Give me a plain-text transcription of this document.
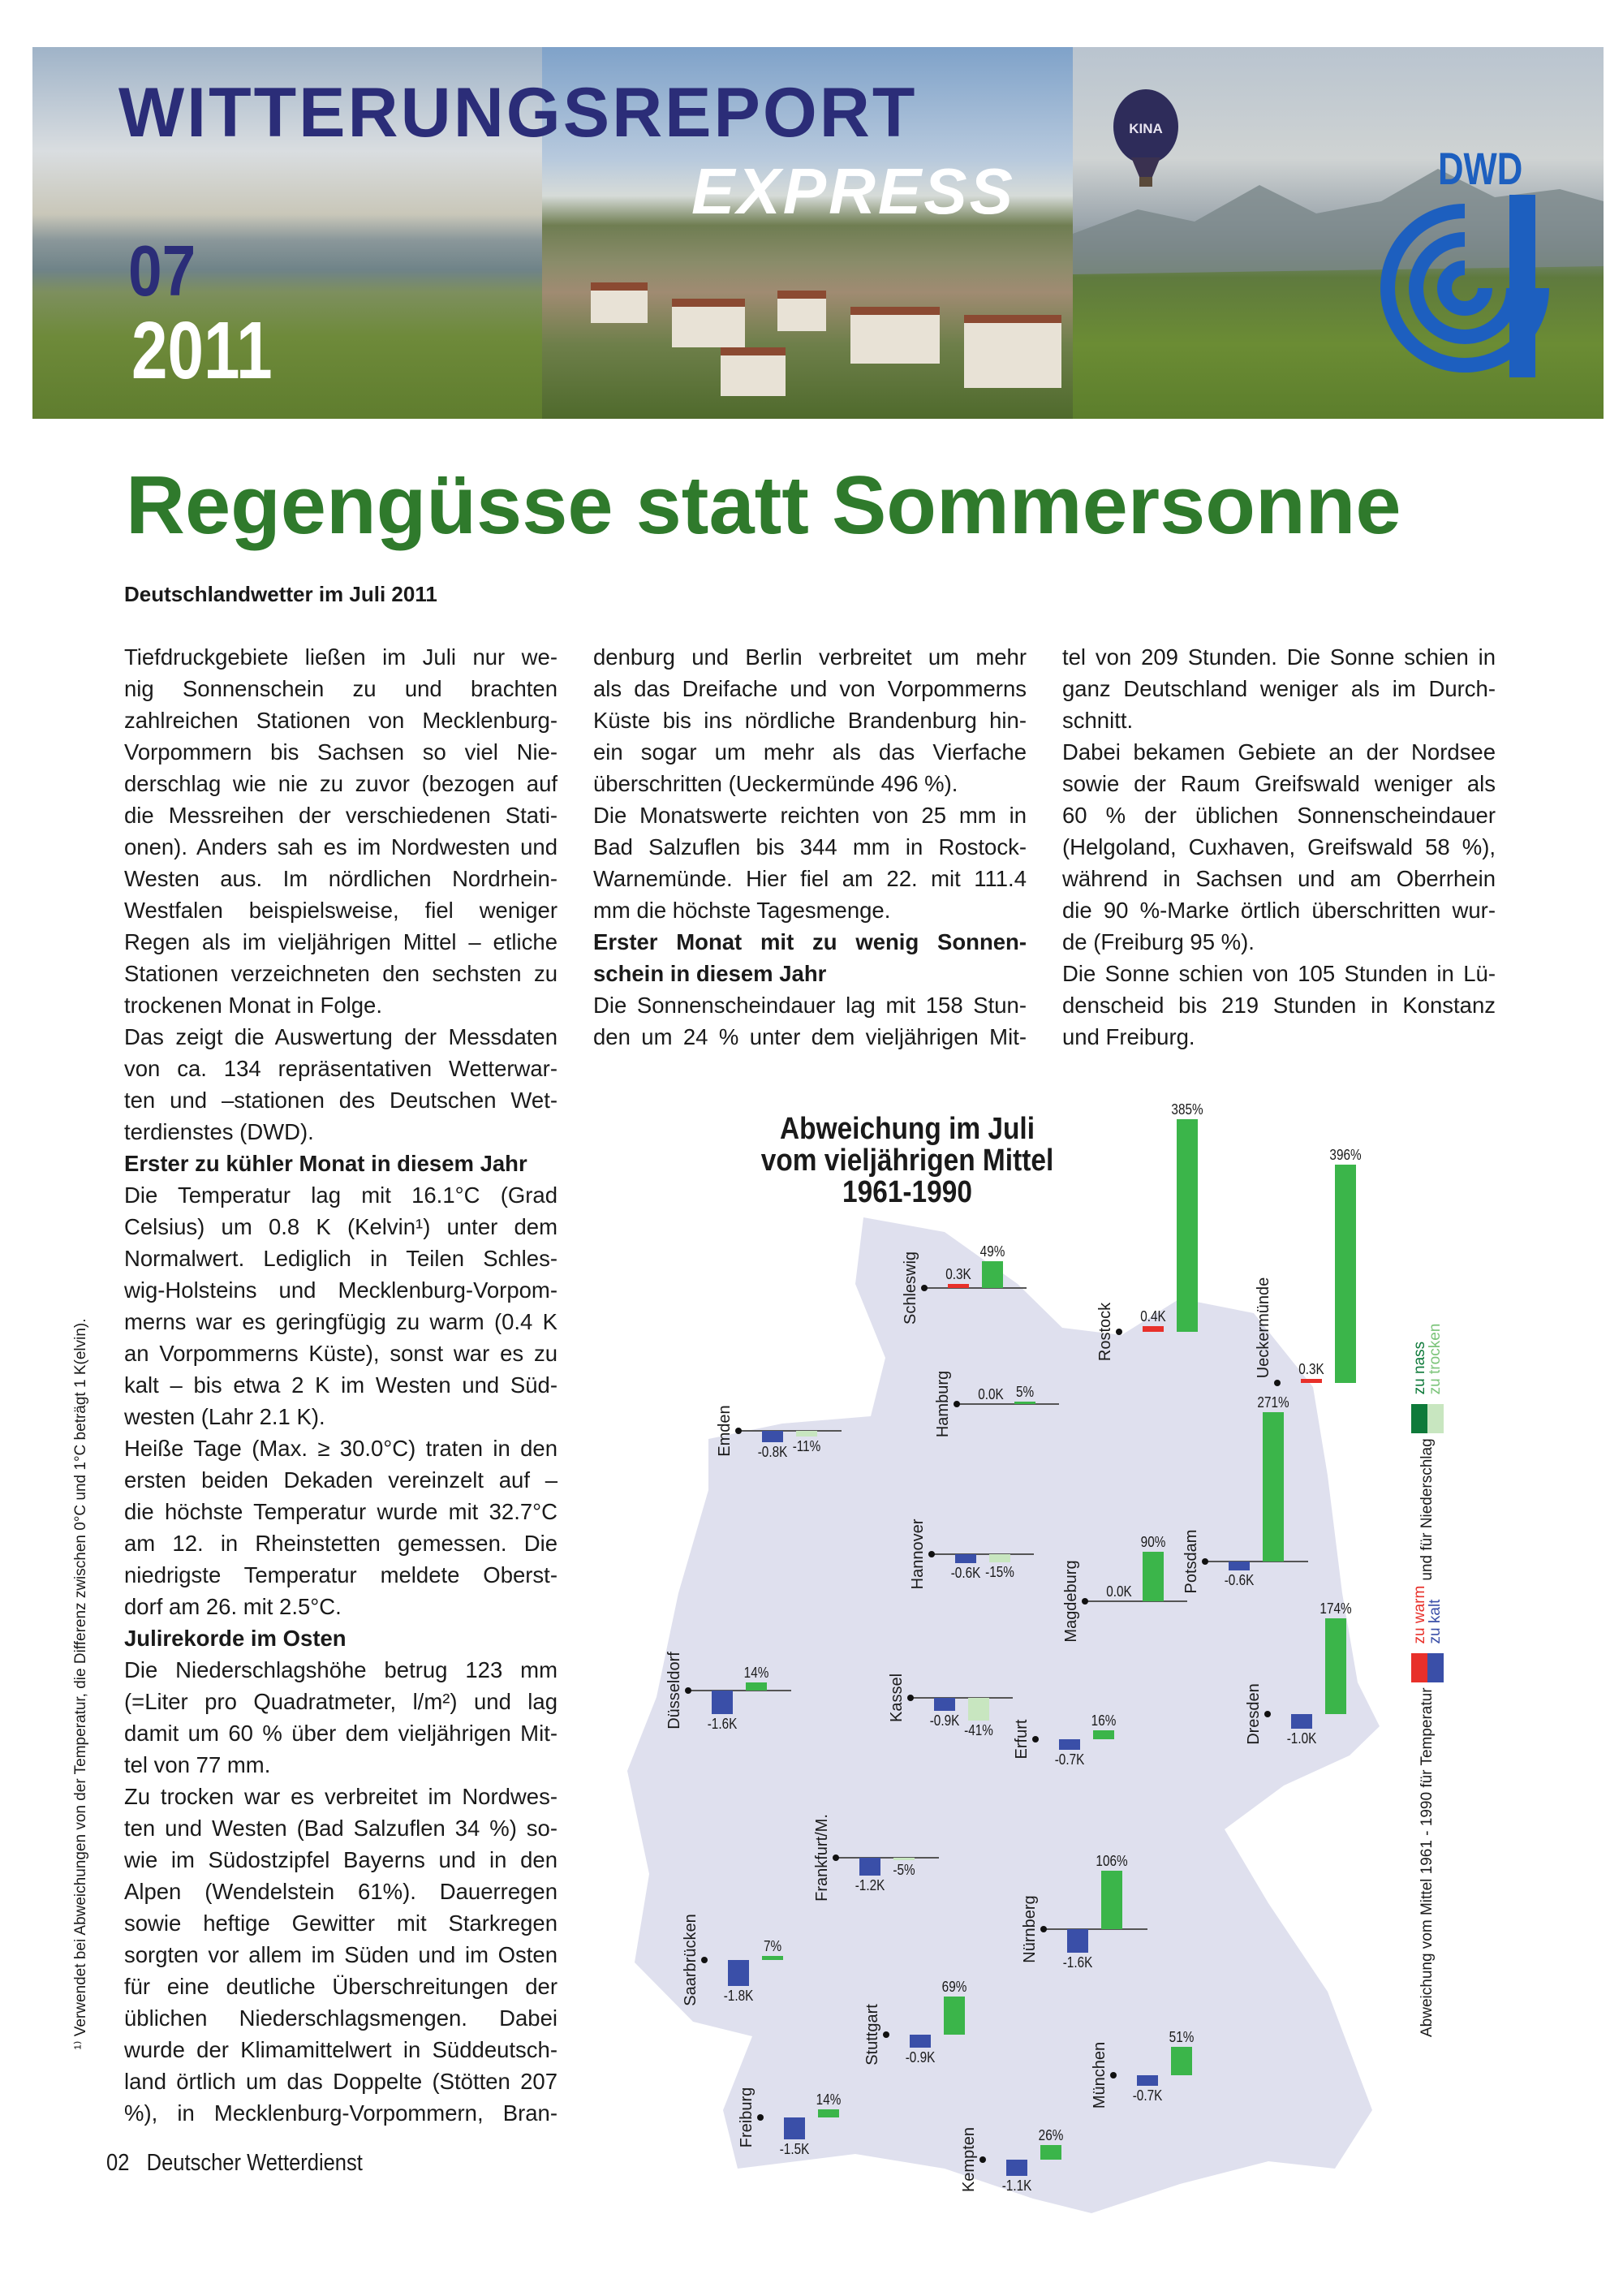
KINA
WITTERUNGSREPORT
EXPRESS
07
2011
DWD
Regengüsse statt Sommersonne
Deutschlandwetter im Juli 2011
Tiefdruckgebiete ließen im Juli nur we-
nig Sonnenschein zu und brachten
zahlreichen Stationen von Mecklenburg-
Vorpommern bis Sachsen so viel Nie-
derschlag wie nie zu zuvor (bezogen auf
die Messreihen der verschiedenen Stati-
onen). Anders sah es im Nordwesten und
Westen aus. Im nördlichen Nordrhein-
Westfalen beispielsweise, fiel weniger
Regen als im vieljährigen Mittel – etliche
Stationen verzeichneten den sechsten zu
trockenen Monat in Folge.
Das zeigt die Auswertung der Messdaten
von ca. 134 repräsentativen Wetterwar-
ten und –stationen des Deutschen Wet-
terdienstes (DWD).
Erster zu kühler Monat in diesem Jahr
Die Temperatur lag mit 16.1°C (Grad
Celsius) um 0.8 K (Kelvin¹) unter dem
Normalwert. Lediglich in Teilen Schles-
wig-Holsteins und Mecklenburg-Vorpom-
merns war es geringfügig zu warm (0.4 K
an Vorpommerns Küste), sonst war es zu
kalt – bis etwa 2 K im Westen und Süd-
westen (Lahr 2.1 K).
Heiße Tage (Max. ≥ 30.0°C) traten in den
ersten beiden Dekaden vereinzelt auf –
die höchste Temperatur wurde mit 32.7°C
am 12. in Rheinstetten gemessen. Die
niedrigste Temperatur meldete Oberst-
dorf am 26. mit 2.5°C.
Julirekorde im Osten
Die Niederschlagshöhe betrug 123 mm
(=Liter pro Quadratmeter, l/m²) und lag
damit um 60 % über dem vieljährigen Mit-
tel von 77 mm.
Zu trocken war es verbreitet im Nordwes-
ten und Westen (Bad Salzuflen 34 %) so-
wie im Südostzipfel Bayerns und in den
Alpen (Wendelstein 61%). Dauerregen
sowie heftige Gewitter mit Starkregen
sorgten vor allem im Süden und im Osten
für eine deutliche Überschreitungen der
üblichen Niederschlagsmengen. Dabei
wurde der Klimamittelwert in Süddeutsch-
land örtlich um das Doppelte (Stötten 207
%), in Mecklenburg-Vorpommern, Bran-
denburg und Berlin verbreitet um mehr
als das Dreifache und von Vorpommerns
Küste bis ins nördliche Brandenburg hin-
ein sogar um mehr als das Vierfache
überschritten (Ueckermünde 496 %).
Die Monatswerte reichten von 25 mm in
Bad Salzuflen bis 344 mm in Rostock-
Warnemünde. Hier fiel am 22. mit 111.4
mm die höchste Tagesmenge.
Erster Monat mit zu wenig Sonnen-
schein in diesem Jahr
Die Sonnenscheindauer lag mit 158 Stun-
den um 24 % unter dem vieljährigen Mit-
tel von 209 Stunden. Die Sonne schien in
ganz Deutschland weniger als im Durch-
schnitt.
Dabei bekamen Gebiete an der Nordsee
sowie der Raum Greifswald weniger als
60 % der üblichen Sonnenscheindauer
(Helgoland, Cuxhaven, Greifswald 58 %),
während in Sachsen und am Oberrhein
die 90 %-Marke örtlich überschritten wur-
de (Freiburg 95 %).
Die Sonne schien von 105 Stunden in Lü-
denscheid bis 219 Stunden in Konstanz
und Freiburg.
¹⁾ Verwendet bei Abweichungen von der Temperatur, die Differenz zwischen 0°C und 1°C beträgt 1 K(elvin).
02 Deutscher Wetterdienst
Abweichung im Juli
vom vieljährigen Mittel
1961-1990
Schleswig 0.3K
49%
Rostock 0.4K
385%
Ueckermünde 0.3K
396%
Hamburg 0.0K 5%
Emden -0.8K -11%
Hannover -0.6K -15%	Magdeburg 0.0K
90% Potsdam -0.6K
271%
Dresden -1.0K
174%
Düsseldorf -1.6K
14%
Kassel -0.9K
-41% Erfurt
-0.7K
16%
Frankfurt/M. -1.2K
-5%
Nürnberg -1.6K
106%
Saarbrücken -1.8K
7%
Stuttgart -0.9K
69%
München -0.7K
51%
Freiburg
-1.5K
14%
Kempten -1.1K
26%
Abweichung vom Mittel 1961 - 1990 für Temperatur
zu warm
zu kalt
und für Niederschlag
zu nass
zu trocken
